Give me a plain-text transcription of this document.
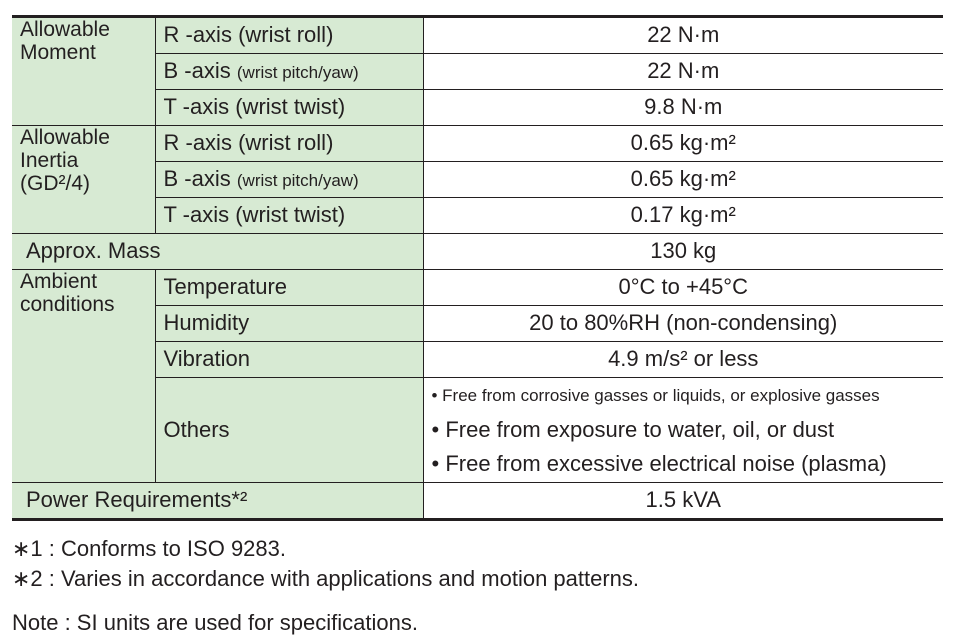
Allowable Moment	R -axis (wrist roll)	22 N·m
	B -axis (wrist pitch/yaw)	22 N·m
	T -axis (wrist twist)	9.8 N·m

Allowable
Inertia
(GD²/4)	R -axis (wrist roll)	0.65 kg·m²
	B -axis (wrist pitch/yaw)	0.65 kg·m²
	T -axis (wrist twist)	0.17 kg·m²
Approx. Mass		130 kg

Ambient
conditions	Temperature	0°C to +45°C
	Humidity	20 to 80%RH (non-condensing)
	Vibration	4.9 m/s² or less
	Others	• Free from corrosive gasses or liquids, or explosive gasses
• Free from exposure to water, oil, or dust
• Free from excessive electrical noise (plasma)

Power Requirements*²		1.5 kVA
∗1 : Conforms to ISO 9283.
∗2 : Varies in accordance with applications and motion patterns.
Note : SI units are used for specifications.
